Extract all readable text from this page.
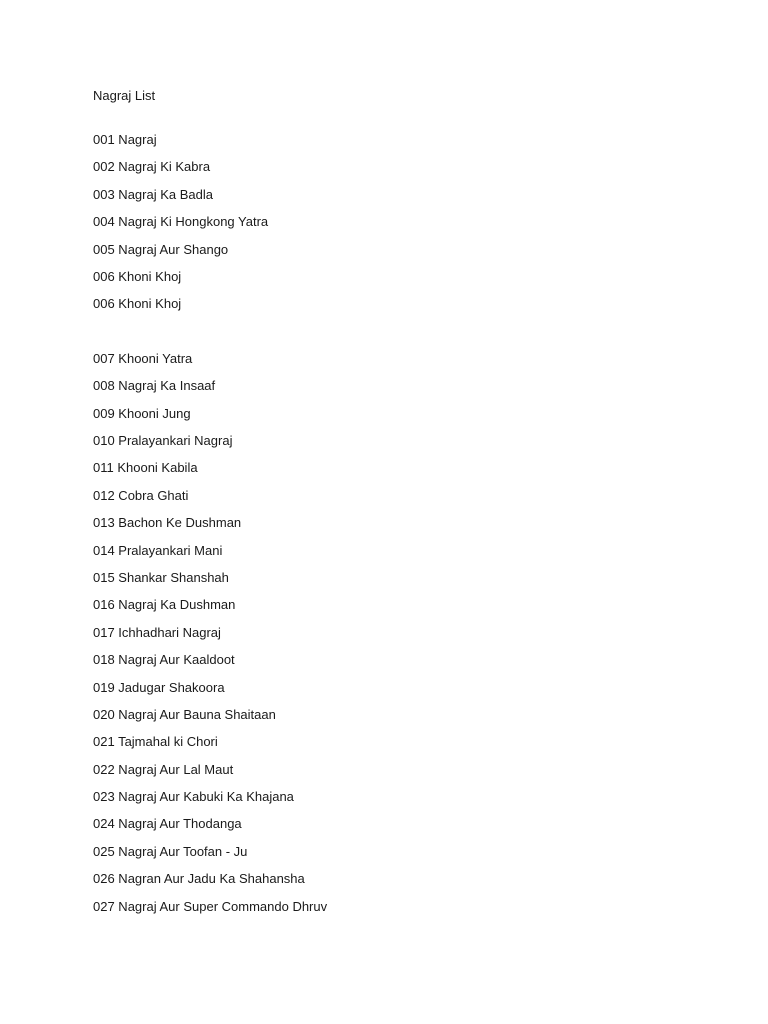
Nagraj List
001 Nagraj
002 Nagraj Ki Kabra
003 Nagraj Ka Badla
004 Nagraj Ki Hongkong Yatra
005 Nagraj Aur Shango
006 Khoni Khoj
006 Khoni Khoj
007 Khooni Yatra
008 Nagraj Ka Insaaf
009 Khooni Jung
010 Pralayankari Nagraj
011 Khooni Kabila
012 Cobra Ghati
013 Bachon Ke Dushman
014 Pralayankari Mani
015 Shankar Shanshah
016 Nagraj Ka Dushman
017 Ichhadhari Nagraj
018 Nagraj Aur Kaaldoot
019 Jadugar Shakoora
020 Nagraj Aur Bauna Shaitaan
021 Tajmahal ki Chori
022 Nagraj Aur Lal Maut
023 Nagraj Aur Kabuki Ka Khajana
024 Nagraj Aur Thodanga
025 Nagraj Aur Toofan - Ju
026 Nagran Aur Jadu Ka Shahansha
027 Nagraj Aur Super Commando Dhruv
